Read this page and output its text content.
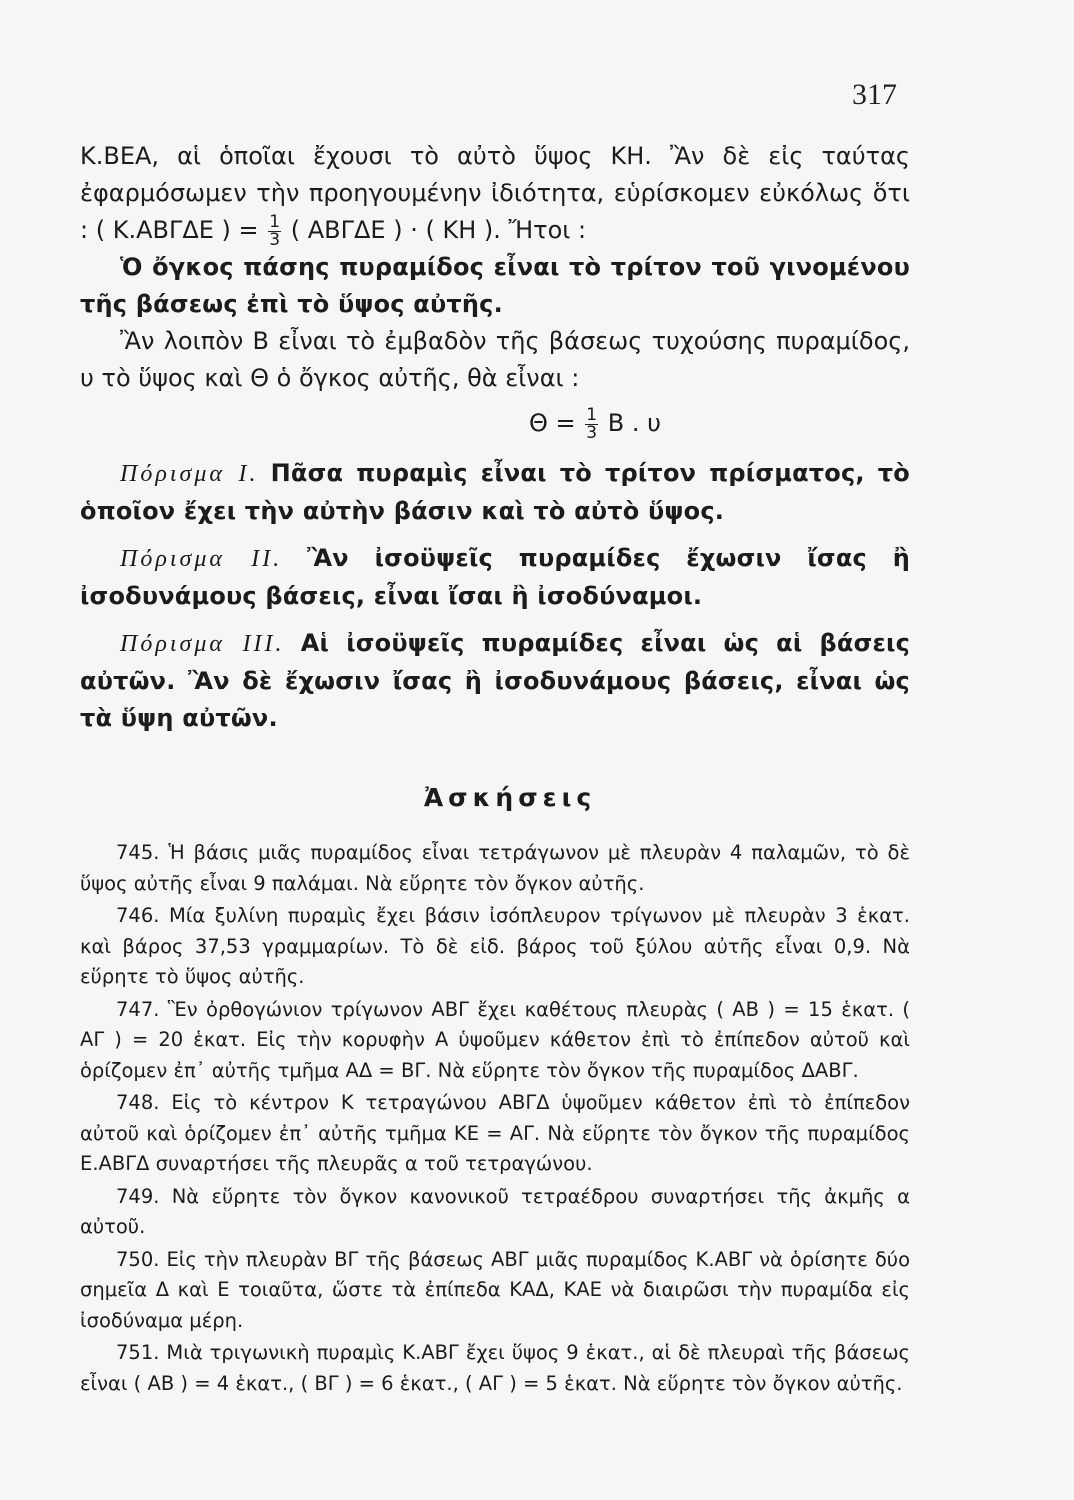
317

Κ.ΒΕΑ, αἱ ὁποῖαι ἔχουσι τὸ αὐτὸ ὕψος ΚΗ. Ἂν δὲ εἰς ταύτας ἐφαρμόσωμεν τὴν προηγουμένην ἰδιότητα, εὑρίσκομεν εὐκόλως ὅτι : ( Κ.ΑΒΓΔΕ ) = $\frac{1}{3}$ ( ΑΒΓΔΕ ) · ( ΚΗ ). Ἤτοι :

Ὁ ὄγκος πάσης πυραμίδος εἶναι τὸ τρίτον τοῦ γινομένου τῆς βάσεως ἐπὶ τὸ ὕψος αὐτῆς.

Ἂν λοιπὸν Β εἶναι τὸ ἐμβαδὸν τῆς βάσεως τυχούσης πυραμίδος, υ τὸ ὕψος καὶ Θ ὁ ὄγκος αὐτῆς, θὰ εἶναι :

$\Theta = \frac{1}{3}$ Β . υ

Πόρισμα Ι. Πᾶσα πυραμὶς εἶναι τὸ τρίτον πρίσματος, τὸ ὁποῖον ἔχει τὴν αὐτὴν βάσιν καὶ τὸ αὐτὸ ὕψος.

Πόρισμα ΙΙ. Ἂν ἰσοϋψεῖς πυραμίδες ἔχωσιν ἴσας ἢ ἰσοδυνάμους βάσεις, εἶναι ἴσαι ἢ ἰσοδύναμοι.

Πόρισμα ΙΙΙ. Αἱ ἰσοϋψεῖς πυραμίδες εἶναι ὡς αἱ βάσεις αὐτῶν. Ἂν δὲ ἔχωσιν ἴσας ἢ ἰσοδυνάμους βάσεις, εἶναι ὡς τὰ ὕψη αὐτῶν.

Ἀσκήσεις

745. Ἡ βάσις μιᾶς πυραμίδος εἶναι τετράγωνον μὲ πλευρὰν 4 παλαμῶν, τὸ δὲ ὕψος αὐτῆς εἶναι 9 παλάμαι. Νὰ εὕρητε τὸν ὄγκον αὐτῆς.

746. Μία ξυλίνη πυραμὶς ἔχει βάσιν ἰσόπλευρον τρίγωνον μὲ πλευρὰν 3 ἑκατ. καὶ βάρος 37,53 γραμμαρίων. Τὸ δὲ εἰδ. βάρος τοῦ ξύλου αὐτῆς εἶναι 0,9. Νὰ εὕρητε τὸ ὕψος αὐτῆς.

747. Ἓν ὀρθογώνιον τρίγωνον ΑΒΓ ἔχει καθέτους πλευρὰς ( ΑΒ ) = 15 ἑκατ. ( ΑΓ ) = 20 ἑκατ. Εἰς τὴν κορυφὴν Α ὑψοῦμεν κάθετον ἐπὶ τὸ ἐπίπεδον αὐτοῦ καὶ ὁρίζομεν ἐπ᾽ αὐτῆς τμῆμα ΑΔ = ΒΓ. Νὰ εὕρητε τὸν ὄγκον τῆς πυραμίδος ΔΑΒΓ.

748. Εἰς τὸ κέντρον Κ τετραγώνου ΑΒΓΔ ὑψοῦμεν κάθετον ἐπὶ τὸ ἐπίπεδον αὐτοῦ καὶ ὁρίζομεν ἐπ᾽ αὐτῆς τμῆμα ΚΕ = ΑΓ. Νὰ εὕρητε τὸν ὄγκον τῆς πυραμίδος Ε.ΑΒΓΔ συναρτήσει τῆς πλευρᾶς α τοῦ τετραγώνου.

749. Νὰ εὕρητε τὸν ὄγκον κανονικοῦ τετραέδρου συναρτήσει τῆς ἀκμῆς α αὐτοῦ.

750. Εἰς τὴν πλευρὰν ΒΓ τῆς βάσεως ΑΒΓ μιᾶς πυραμίδος Κ.ΑΒΓ νὰ ὁρίσητε δύο σημεῖα Δ καὶ Ε τοιαῦτα, ὥστε τὰ ἐπίπεδα ΚΑΔ, ΚΑΕ νὰ διαιρῶσι τὴν πυραμίδα εἰς ἰσοδύναμα μέρη.

751. Μιὰ τριγωνικὴ πυραμὶς Κ.ΑΒΓ ἔχει ὕψος 9 ἑκατ., αἱ δὲ πλευραὶ τῆς βάσεως εἶναι ( ΑΒ ) = 4 ἑκατ., ( ΒΓ ) = 6 ἑκατ., ( ΑΓ ) = 5 ἑκατ. Νὰ εὕρητε τὸν ὄγκον αὐτῆς.
